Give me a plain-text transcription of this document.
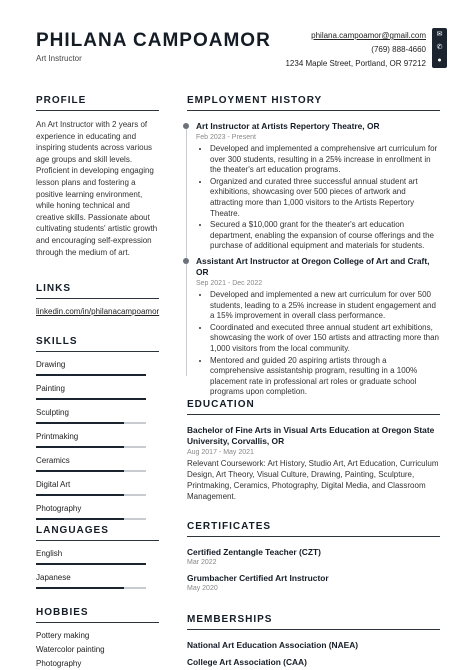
PHILANA CAMPOAMOR
Art Instructor
philana.campoamor@gmail.com
(769) 888-4660
1234 Maple Street, Portland, OR 97212
✉
✆
●
PROFILE
An Art Instructor with 2 years of experience in educating and inspiring students across various age groups and skill levels. Proficient in developing engaging lesson plans and fostering a positive learning environment, while honing technical and creative skills. Passionate about cultivating students' artistic growth and encouraging self-expression through the medium of art.
LINKS
linkedin.com/in/philanacampoamor
SKILLS
Drawing
Painting
Sculpting
Printmaking
Ceramics
Digital Art
Photography
LANGUAGES
English
Japanese
HOBBIES
Pottery making
Watercolor painting
Photography
EMPLOYMENT HISTORY
Art Instructor at Artists Repertory Theatre, OR
Feb 2023 - Present
• Developed and implemented a comprehensive art curriculum for over 300 students, resulting in a 25% increase in enrollment in the theater's art education programs.
• Organized and curated three successful annual student art exhibitions, showcasing over 500 pieces of artwork and attracting more than 1,000 visitors to the Artists Repertory Theatre.
• Secured a $10,000 grant for the theater's art education department, enabling the expansion of course offerings and the purchase of additional equipment and materials for students.
Assistant Art Instructor at Oregon College of Art and Craft, OR
Sep 2021 - Dec 2022
• Developed and implemented a new art curriculum for over 500 students, leading to a 25% increase in student engagement and a 15% improvement in overall class performance.
• Coordinated and executed three annual student art exhibitions, showcasing the work of over 150 artists and attracting more than 1,000 visitors from the local community.
• Mentored and guided 20 aspiring artists through a comprehensive assistantship program, resulting in a 100% placement rate in professional art roles or graduate school programs upon completion.
EDUCATION
Bachelor of Fine Arts in Visual Arts Education at Oregon State University, Corvallis, OR
Aug 2017 - May 2021
Relevant Coursework: Art History, Studio Art, Art Education, Curriculum Design, Art Theory, Visual Culture, Drawing, Painting, Sculpture, Printmaking, Ceramics, Photography, Digital Media, and Classroom Management.
CERTIFICATES
Certified Zentangle Teacher (CZT)
Mar 2022
Grumbacher Certified Art Instructor
May 2020
MEMBERSHIPS
National Art Education Association (NAEA)
College Art Association (CAA)
